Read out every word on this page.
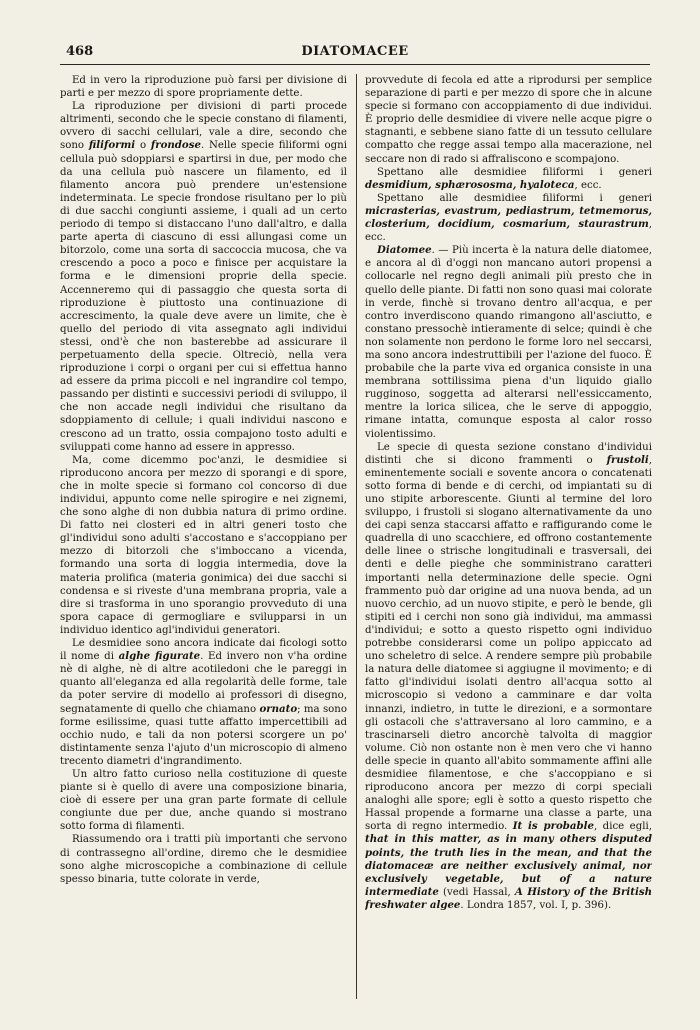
468	DIATOMACEE

Ed in vero la riproduzione può farsi per divisione di parti e per mezzo di spore propriamente dette.

La riproduzione per divisioni di parti procede altrimenti, secondo che le specie constano di filamenti, ovvero di sacchi cellulari, vale a dire, secondo che sono filiformi o frondose. Nelle specie filiformi ogni cellula può sdoppiarsi e spartirsi in due, per modo che da una cellula può nascere un filamento, ed il filamento ancora può prendere un'estensione indeterminata. Le specie frondose risultano per lo più di due sacchi congiunti assieme, i quali ad un certo periodo di tempo si distaccano l'uno dall'altro, e dalla parte aperta di ciascuno di essi allungasi come un bitorzolo, come una sorta di saccoccia mucosa, che va crescendo a poco a poco e finisce per acquistare la forma e le dimensioni proprie della specie. Accenneremo qui di passaggio che questa sorta di riproduzione è piuttosto una continuazione di accrescimento, la quale deve avere un limite, che è quello del periodo di vita assegnato agli individui stessi, ond'è che non basterebbe ad assicurare il perpetuamento della specie. Oltreciò, nella vera riproduzione i corpi o organi per cui si effettua hanno ad essere da prima piccoli e nel ingrandire col tempo, passando per distinti e successivi periodi di sviluppo, il che non accade negli individui che risultano da sdoppiamento di cellule; i quali individui nascono e crescono ad un tratto, ossia compajono tosto adulti e sviluppati come hanno ad essere in appresso.

Ma, come dicemmo poc'anzi, le desmidiee si riproducono ancora per mezzo di sporangi e di spore, che in molte specie si formano col concorso di due individui, appunto come nelle spirogire e nei zignemi, che sono alghe di non dubbia natura di primo ordine. Di fatto nei closteri ed in altri generi tosto che gl'individui sono adulti s'accostano e s'accoppiano per mezzo di bitorzoli che s'imboccano a vicenda, formando una sorta di loggia intermedia, dove la materia prolifica (materia gonimica) dei due sacchi si condensa e si riveste d'una membrana propria, vale a dire si trasforma in uno sporangio provveduto di una spora capace di germogliare e svilupparsi in un individuo identico agl'individui generatori.

Le desmidiee sono ancora indicate dai ficologi sotto il nome di alghe figurate. Ed invero non v'ha ordine nè di alghe, nè di altre acotiledoni che le pareggi in quanto all'eleganza ed alla regolarità delle forme, tale da poter servire di modello ai professori di disegno, segnatamente di quello che chiamano ornato; ma sono forme esilissime, quasi tutte affatto impercettibili ad occhio nudo, e tali da non potersi scorgere un po' distintamente senza l'ajuto d'un microscopio di almeno trecento diametri d'ingrandimento.

Un altro fatto curioso nella costituzione di queste piante si è quello di avere una composizione binaria, cioè di essere per una gran parte formate di cellule congiunte due per due, anche quando si mostrano sotto forma di filamenti.

Riassumendo ora i tratti più importanti che servono di contrassegno all'ordine, diremo che le desmidiee sono alghe microscopiche a combinazione di cellule spesso binaria, tutte colorate in verde,

provvedute di fecola ed atte a riprodursi per semplice separazione di parti e per mezzo di spore che in alcune specie si formano con accoppiamento di due individui. È proprio delle desmidiee di vivere nelle acque pigre o stagnanti, e sebbene siano fatte di un tessuto cellulare compatto che regge assai tempo alla macerazione, nel seccare non di rado si affraliscono e scompajono.

Spettano alle desmidiee filiformi i generi desmidium, sphærososma, hyaloteca, ecc.

Spettano alle desmidiee filiformi i generi micrasterias, evastrum, pediastrum, tetmemorus, closterium, docidium, cosmarium, staurastrum, ecc.

Diatomee. — Più incerta è la natura delle diatomee, e ancora al dì d'oggi non mancano autori propensi a collocarle nel regno degli animali più presto che in quello delle piante. Di fatti non sono quasi mai colorate in verde, finchè si trovano dentro all'acqua, e per contro inverdiscono quando rimangono all'asciutto, e constano pressochè intieramente di selce; quindi è che non solamente non perdono le forme loro nel seccarsi, ma sono ancora indestruttibili per l'azione del fuoco. È probabile che la parte viva ed organica consiste in una membrana sottilissima piena d'un liquido giallo rugginoso, soggetta ad alterarsi nell'essiccamento, mentre la lorica silicea, che le serve di appoggio, rimane intatta, comunque esposta al calor rosso violentissimo.

Le specie di questa sezione constano d'individui distinti che si dicono frammenti o frustoli, eminentemente sociali e sovente ancora o concatenati sotto forma di bende e di cerchi, od impiantati su di uno stipite arborescente. Giunti al termine del loro sviluppo, i frustoli si slogano alternativamente da uno dei capi senza staccarsi affatto e raffigurando come le quadrella di uno scacchiere, ed offrono costantemente delle linee o strische longitudinali e trasversali, dei denti e delle pieghe che somministrano caratteri importanti nella determinazione delle specie. Ogni frammento può dar origine ad una nuova benda, ad un nuovo cerchio, ad un nuovo stipite, e però le bende, gli stipiti ed i cerchi non sono già individui, ma ammassi d'individui; e sotto a questo rispetto ogni individuo potrebbe considerarsi come un polipo appiccato ad uno scheletro di selce. A rendere sempre più probabile la natura delle diatomee si aggiugne il movimento; e di fatto gl'individui isolati dentro all'acqua sotto al microscopio si vedono a camminare e dar volta innanzi, indietro, in tutte le direzioni, e a sormontare gli ostacoli che s'attraversano al loro cammino, e a trascinarseli dietro ancorchè talvolta di maggior volume. Ciò non ostante non è men vero che vi hanno delle specie in quanto all'abito sommamente affini alle desmidiee filamentose, e che s'accoppiano e si riproducono ancora per mezzo di corpi speciali analoghi alle spore; egli è sotto a questo rispetto che Hassal propende a formarne una classe a parte, una sorta di regno intermedio. It is probable, dice egli, that in this matter, as in many others disputed points, the truth lies in the mean, and that the diatomaceæ are neither exclusively animal, nor exclusively vegetable, but of a nature intermediate (vedi Hassal, A History of the British freshwater algee. Londra 1857, vol. I, p. 396).
